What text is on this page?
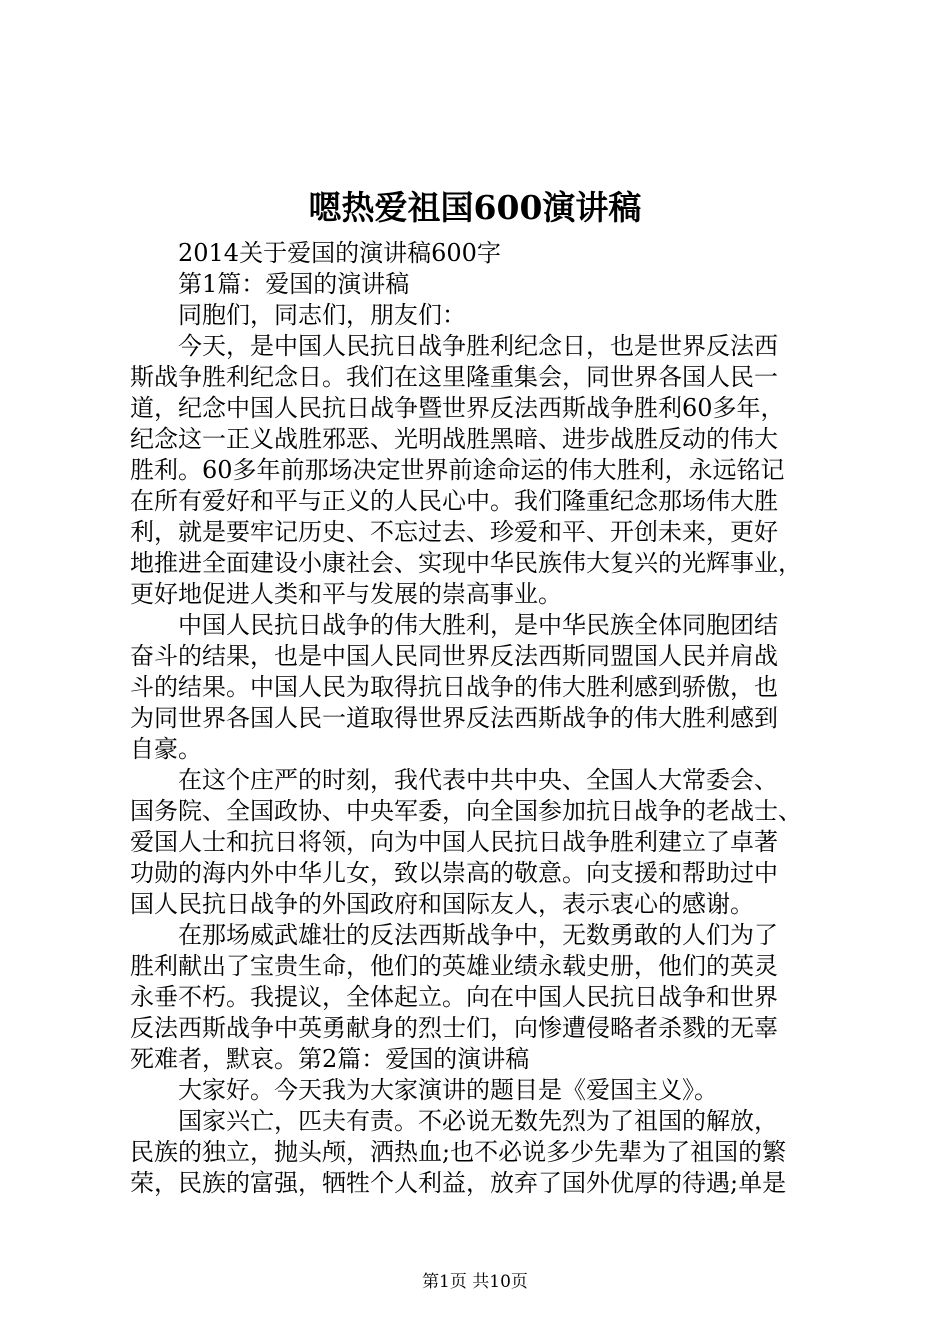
嗯热爱祖国600演讲稿
2014关于爱国的演讲稿600字
第1篇：爱国的演讲稿
同胞们，同志们，朋友们：
今天，是中国人民抗日战争胜利纪念日，也是世界反法西
斯战争胜利纪念日。我们在这里隆重集会，同世界各国人民一
道，纪念中国人民抗日战争暨世界反法西斯战争胜利60多年，
纪念这一正义战胜邪恶、光明战胜黑暗、进步战胜反动的伟大
胜利。60多年前那场决定世界前途命运的伟大胜利，永远铭记
在所有爱好和平与正义的人民心中。我们隆重纪念那场伟大胜
利，就是要牢记历史、不忘过去、珍爱和平、开创未来，更好
地推进全面建设小康社会、实现中华民族伟大复兴的光辉事业，
更好地促进人类和平与发展的崇高事业。
中国人民抗日战争的伟大胜利，是中华民族全体同胞团结
奋斗的结果，也是中国人民同世界反法西斯同盟国人民并肩战
斗的结果。中国人民为取得抗日战争的伟大胜利感到骄傲，也
为同世界各国人民一道取得世界反法西斯战争的伟大胜利感到
自豪。
在这个庄严的时刻，我代表中共中央、全国人大常委会、
国务院、全国政协、中央军委，向全国参加抗日战争的老战士、
爱国人士和抗日将领，向为中国人民抗日战争胜利建立了卓著
功勋的海内外中华儿女，致以崇高的敬意。向支援和帮助过中
国人民抗日战争的外国政府和国际友人，表示衷心的感谢。
在那场威武雄壮的反法西斯战争中，无数勇敢的人们为了
胜利献出了宝贵生命，他们的英雄业绩永载史册，他们的英灵
永垂不朽。我提议，全体起立。向在中国人民抗日战争和世界
反法西斯战争中英勇献身的烈士们，向惨遭侵略者杀戮的无辜
死难者，默哀。第2篇：爱国的演讲稿
大家好。今天我为大家演讲的题目是《爱国主义》。
国家兴亡，匹夫有责。不必说无数先烈为了祖国的解放，
民族的独立，抛头颅，洒热血;也不必说多少先辈为了祖国的繁
荣，民族的富强，牺牲个人利益，放弃了国外优厚的待遇;单是
第1页 共10页
